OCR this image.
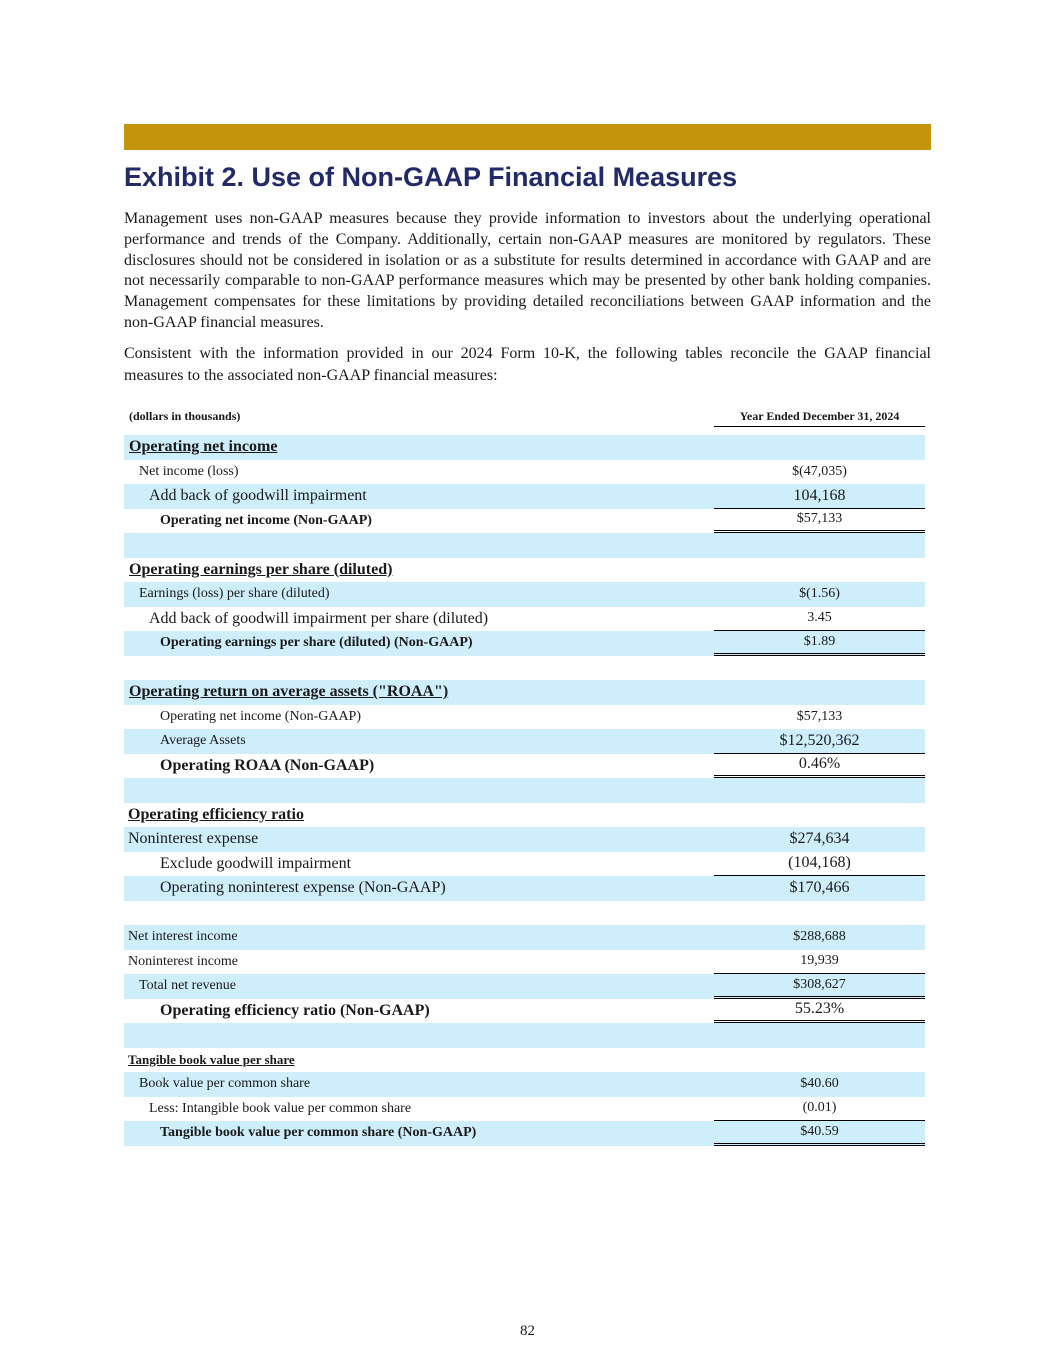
Exhibit 2. Use of Non-GAAP Financial Measures

Management uses non-GAAP measures because they provide information to investors about the underlying operational performance and trends of the Company. Additionally, certain non-GAAP measures are monitored by regulators. These disclosures should not be considered in isolation or as a substitute for results determined in accordance with GAAP and are not necessarily comparable to non-GAAP performance measures which may be presented by other bank holding companies. Management compensates for these limitations by providing detailed reconciliations between GAAP information and the non-GAAP financial measures.

Consistent with the information provided in our 2024 Form 10-K, the following tables reconcile the GAAP financial measures to the associated non-GAAP financial measures:

(dollars in thousands)	Year Ended December 31, 2024
Operating net income
Net income (loss)	$(47,035)
Add back of goodwill impairment	104,168
Operating net income (Non-GAAP)	$57,133
Operating earnings per share (diluted)
Earnings (loss) per share (diluted)	$(1.56)
Add back of goodwill impairment per share (diluted)	3.45
Operating earnings per share (diluted) (Non-GAAP)	$1.89
Operating return on average assets ("ROAA")
Operating net income (Non-GAAP)	$57,133
Average Assets	$12,520,362
Operating ROAA (Non-GAAP)	0.46%
Operating efficiency ratio
Noninterest expense	$274,634
Exclude goodwill impairment	(104,168)
Operating noninterest expense (Non-GAAP)	$170,466
Net interest income	$288,688
Noninterest income	19,939
Total net revenue	$308,627
Operating efficiency ratio (Non-GAAP)	55.23%
Tangible book value per share
Book value per common share	$40.60
Less: Intangible book value per common share	(0.01)
Tangible book value per common share (Non-GAAP)	$40.59
82
